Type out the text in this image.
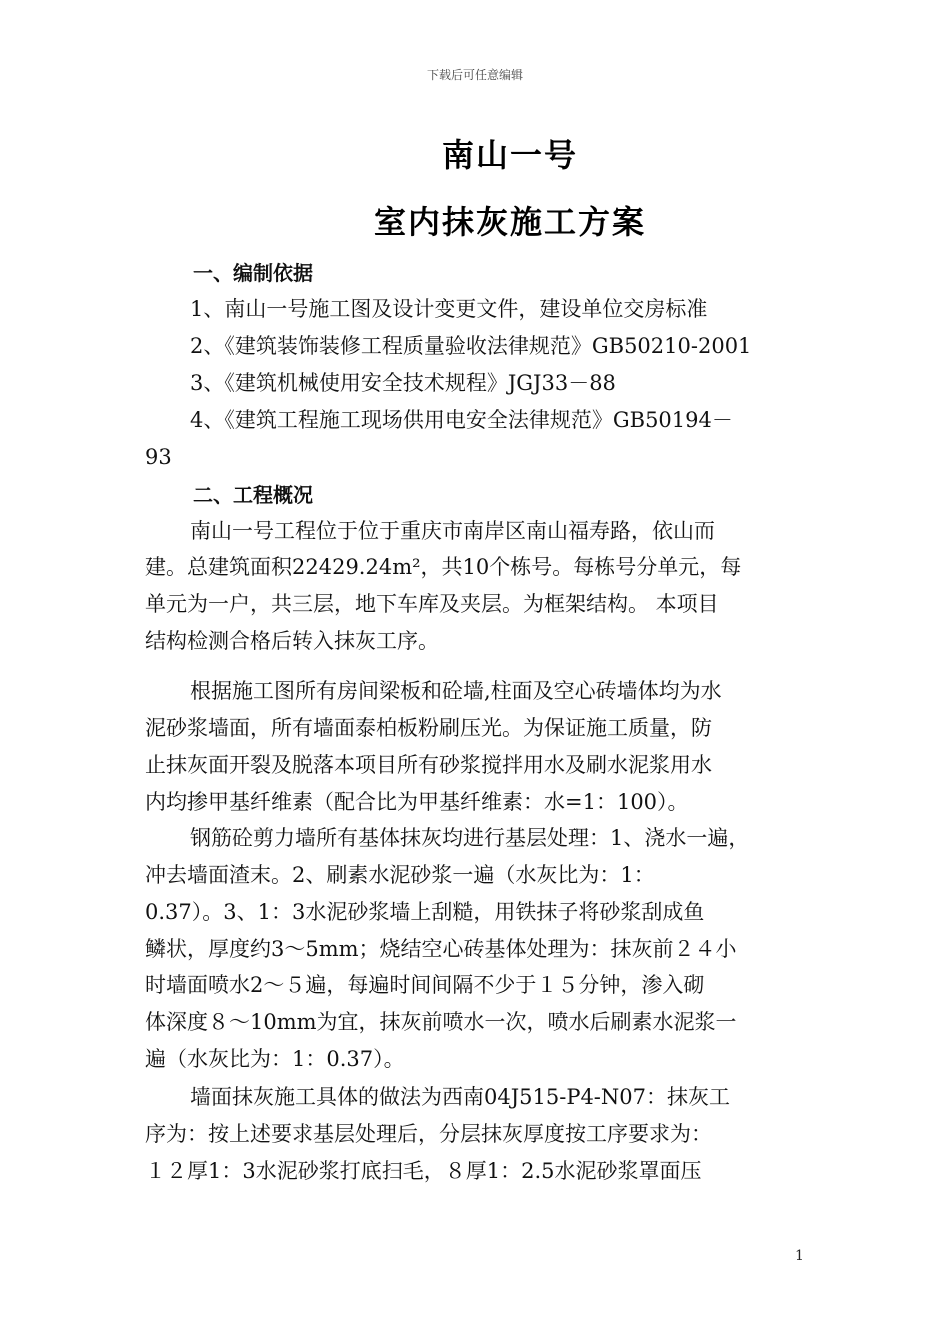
下载后可任意编辑
南山一号
室内抹灰施工方案
一、编制依据
1、南山一号施工图及设计变更文件，建设单位交房标准
2、《建筑装饰装修工程质量验收法律规范》GB50210-2001
3、《建筑机械使用安全技术规程》JGJ33－88
4、《建筑工程施工现场供用电安全法律规范》GB50194－
93
二、工程概况
南山一号工程位于位于重庆市南岸区南山福寿路，依山而
建。总建筑面积22429.24m²，共10个栋号。每栋号分单元，每
单元为一户，共三层，地下车库及夹层。为框架结构。 本项目
结构检测合格后转入抹灰工序。
根据施工图所有房间梁板和砼墙,柱面及空心砖墙体均为水
泥砂浆墙面，所有墙面泰柏板粉刷压光。为保证施工质量，防
止抹灰面开裂及脱落本项目所有砂浆搅拌用水及刷水泥浆用水
内均掺甲基纤维素（配合比为甲基纤维素：水=1：100）。
钢筋砼剪力墙所有基体抹灰均进行基层处理：1、浇水一遍，
冲去墙面渣末。2、刷素水泥砂浆一遍（水灰比为：1：
0.37）。3、1：3水泥砂浆墙上刮糙，用铁抹子将砂浆刮成鱼
鳞状，厚度约3～5mm；烧结空心砖基体处理为：抹灰前２４小
时墙面喷水2～５遍，每遍时间间隔不少于１５分钟，渗入砌
体深度８～10mm为宜，抹灰前喷水一次，喷水后刷素水泥浆一
遍（水灰比为：1：0.37）。
墙面抹灰施工具体的做法为西南04J515-P4-N07：抹灰工
序为：按上述要求基层处理后，分层抹灰厚度按工序要求为：
１２厚1：3水泥砂浆打底扫毛，８厚1：2.5水泥砂浆罩面压
1
